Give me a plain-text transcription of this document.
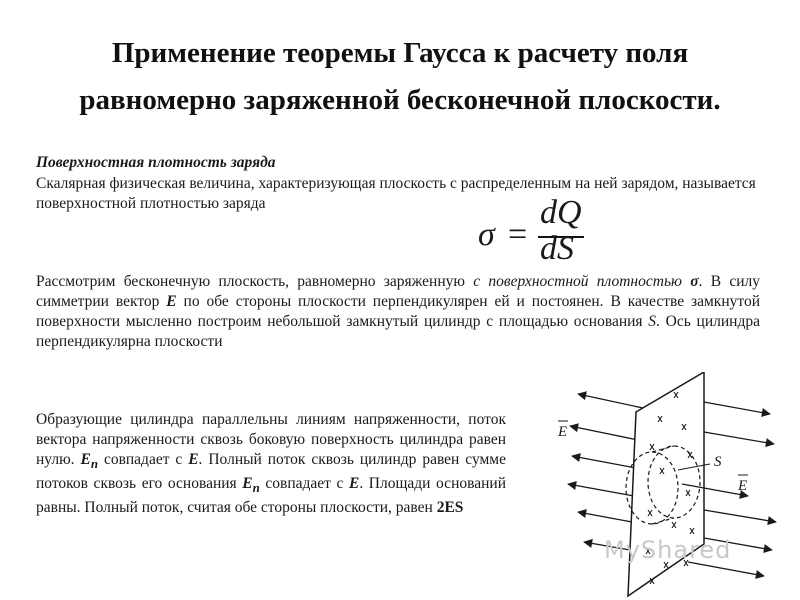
Применение теоремы Гаусса к расчету поля
равномерно заряженной бесконечной плоскости.
Поверхностная плотность заряда
Скалярная физическая величина, характеризующая плоскость с распределенным на ней зарядом, называется поверхностной плотностью заряда
σ =
dQ
dS
Рассмотрим бесконечную плоскость, равномерно заряженную с поверхностной плотностью σ. В силу симметрии вектор E по обе стороны плоскости перпендикулярен ей и постоянен. В качестве замкнутой поверхности мысленно построим небольшой замкнутый цилиндр с площадью основания S. Ось цилиндра перпендикулярна плоскости
Образующие цилиндра параллельны линиям напряженности, поток вектора напряженности сквозь боковую поверхность цилиндра равен нулю. $E_n$ совпадает с E. Полный поток сквозь цилиндр равен сумме потоков сквозь его основания $E_n$ совпадает с E. Площади оснований равны. Полный поток, считая обе стороны плоскости, равен 2ES
E
S
E
MyShared
